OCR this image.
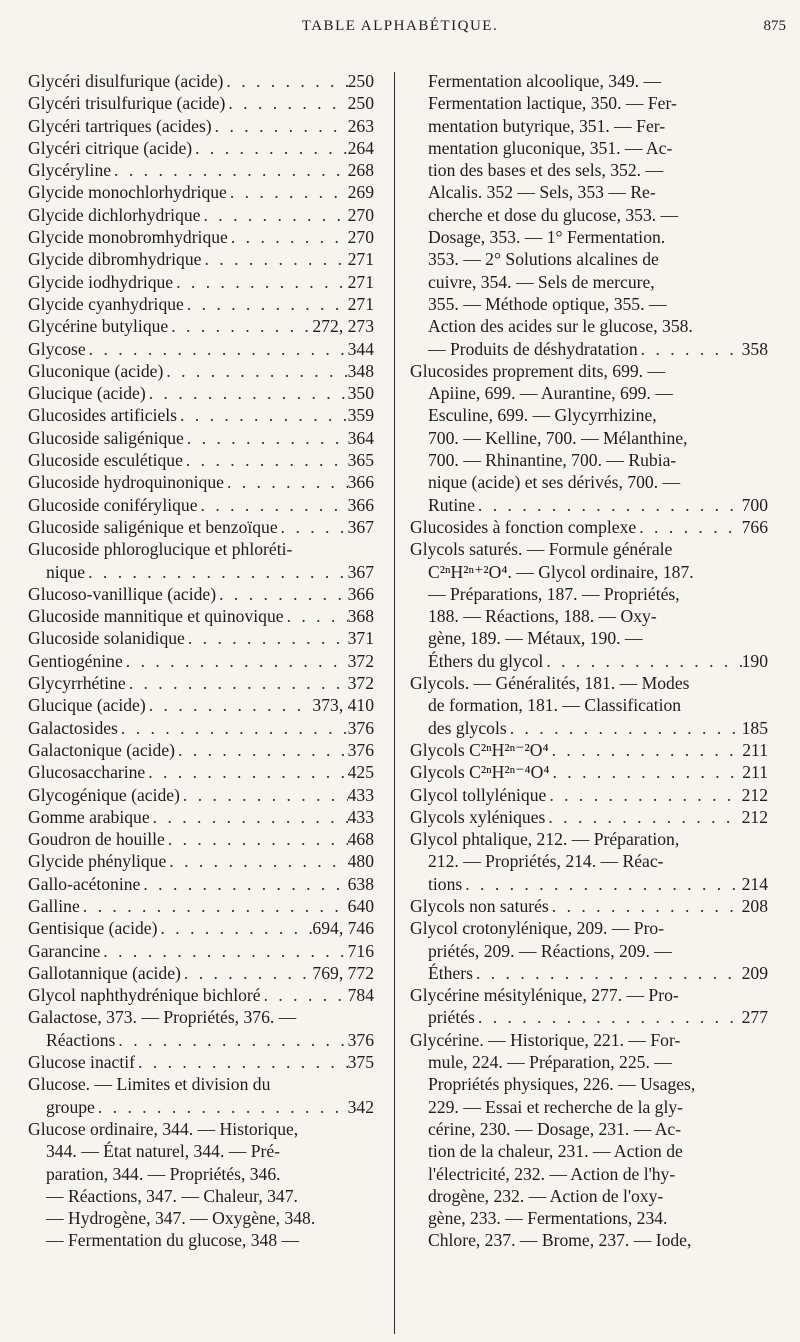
TABLE ALPHABÉTIQUE.	875
Glycéri disulfurique (acide) . . .	250
Glycéri trisulfurique (acide) . . .	250
Glycéri tartriques (acides) . . .	263
Glycéri citrique (acide) . . .	264
Glycéryline . . .	268
Glycide monochlorhydrique . . .	269
Glycide dichlorhydrique . . .	270
Glycide monobromhydrique . . .	270
Glycide dibromhydrique . . .	271
Glycide iodhydrique . . .	271
Glycide cyanhydrique . . .	271
Glycérine butylique . . .	272, 273
Glycose . . .	344
Gluconique (acide) . . .	348
Glucique (acide) . . .	350
Glucosides artificiels . . .	359
Glucoside saligénique . . .	364
Glucoside esculétique . . .	365
Glucoside hydroquinonique . . .	366
Glucoside coniférylique . . .	366
Glucoside saligénique et benzoïque . . .	367
Glucoside phloroglucique et phloréti-
nique . . .	367
Glucoso-vanillique (acide) . . .	366
Glucoside mannitique et quinovique . . .	368
Glucoside solanidique . . .	371
Gentiogénine . . .	372
Glycyrrhétine . . .	372
Glucique (acide) . . .	373, 410
Galactosides . . .	376
Galactonique (acide) . . .	376
Glucosaccharine . . .	425
Glycogénique (acide) . . .	433
Gomme arabique . . .	433
Goudron de houille . . .	468
Glycide phénylique . . .	480
Gallo-acétonine . . .	638
Galline . . .	640
Gentisique (acide) . . .	694, 746
Garancine . . .	716
Gallotannique (acide) . . .	769, 772
Glycol naphthydrénique bichloré . . .	784
Galactose, 373. — Propriétés, 376. —
Réactions . . .	376
Glucose inactif . . .	375
Glucose. — Limites et division du
groupe . . .	342
Glucose ordinaire, 344. — Historique,
344. — État naturel, 344. — Pré-
paration, 344. — Propriétés, 346.
— Réactions, 347. — Chaleur, 347.
— Hydrogène, 347. — Oxygène, 348.
— Fermentation du glucose, 348 —
Fermentation alcoolique, 349. —
Fermentation lactique, 350. — Fer-
mentation butyrique, 351. — Fer-
mentation gluconique, 351. — Ac-
tion des bases et des sels, 352. —
Alcalis. 352 — Sels, 353 — Re-
cherche et dose du glucose, 353. —
Dosage, 353. — 1° Fermentation.
353. — 2° Solutions alcalines de
cuivre, 354. — Sels de mercure,
355. — Méthode optique, 355. —
Action des acides sur le glucose, 358.
— Produits de déshydratation . . .	358
Glucosides proprement dits, 699. —
Apiine, 699. — Aurantine, 699. —
Esculine, 699. — Glycyrrhizine,
700. — Kelline, 700. — Mélanthine,
700. — Rhinantine, 700. — Rubia-
nique (acide) et ses dérivés, 700. —
Rutine . . .	700
Glucosides à fonction complexe . . .	766
Glycols saturés. — Formule générale
C²ⁿH²ⁿ⁺²O⁴. — Glycol ordinaire, 187.
— Préparations, 187. — Propriétés,
188. — Réactions, 188. — Oxy-
gène, 189. — Métaux, 190. —
Éthers du glycol . . .	190
Glycols. — Généralités, 181. — Modes
de formation, 181. — Classification
des glycols . . .	185
Glycols C²ⁿH²ⁿ⁻²O⁴ . . .	211
Glycols C²ⁿH²ⁿ⁻⁴O⁴ . . .	211
Glycol tollylénique . . .	212
Glycols xyléniques . . .	212
Glycol phtalique, 212. — Préparation,
212. — Propriétés, 214. — Réac-
tions . . .	214
Glycols non saturés . . .	208
Glycol crotonylénique, 209. — Pro-
priétés, 209. — Réactions, 209. —
Éthers . . .	209
Glycérine mésitylénique, 277. — Pro-
priétés . . .	277
Glycérine. — Historique, 221. — For-
mule, 224. — Préparation, 225. —
Propriétés physiques, 226. — Usages,
229. — Essai et recherche de la gly-
cérine, 230. — Dosage, 231. — Ac-
tion de la chaleur, 231. — Action de
l'électricité, 232. — Action de l'hy-
drogène, 232. — Action de l'oxy-
gène, 233. — Fermentations, 234.
Chlore, 237. — Brome, 237. — Iode,
